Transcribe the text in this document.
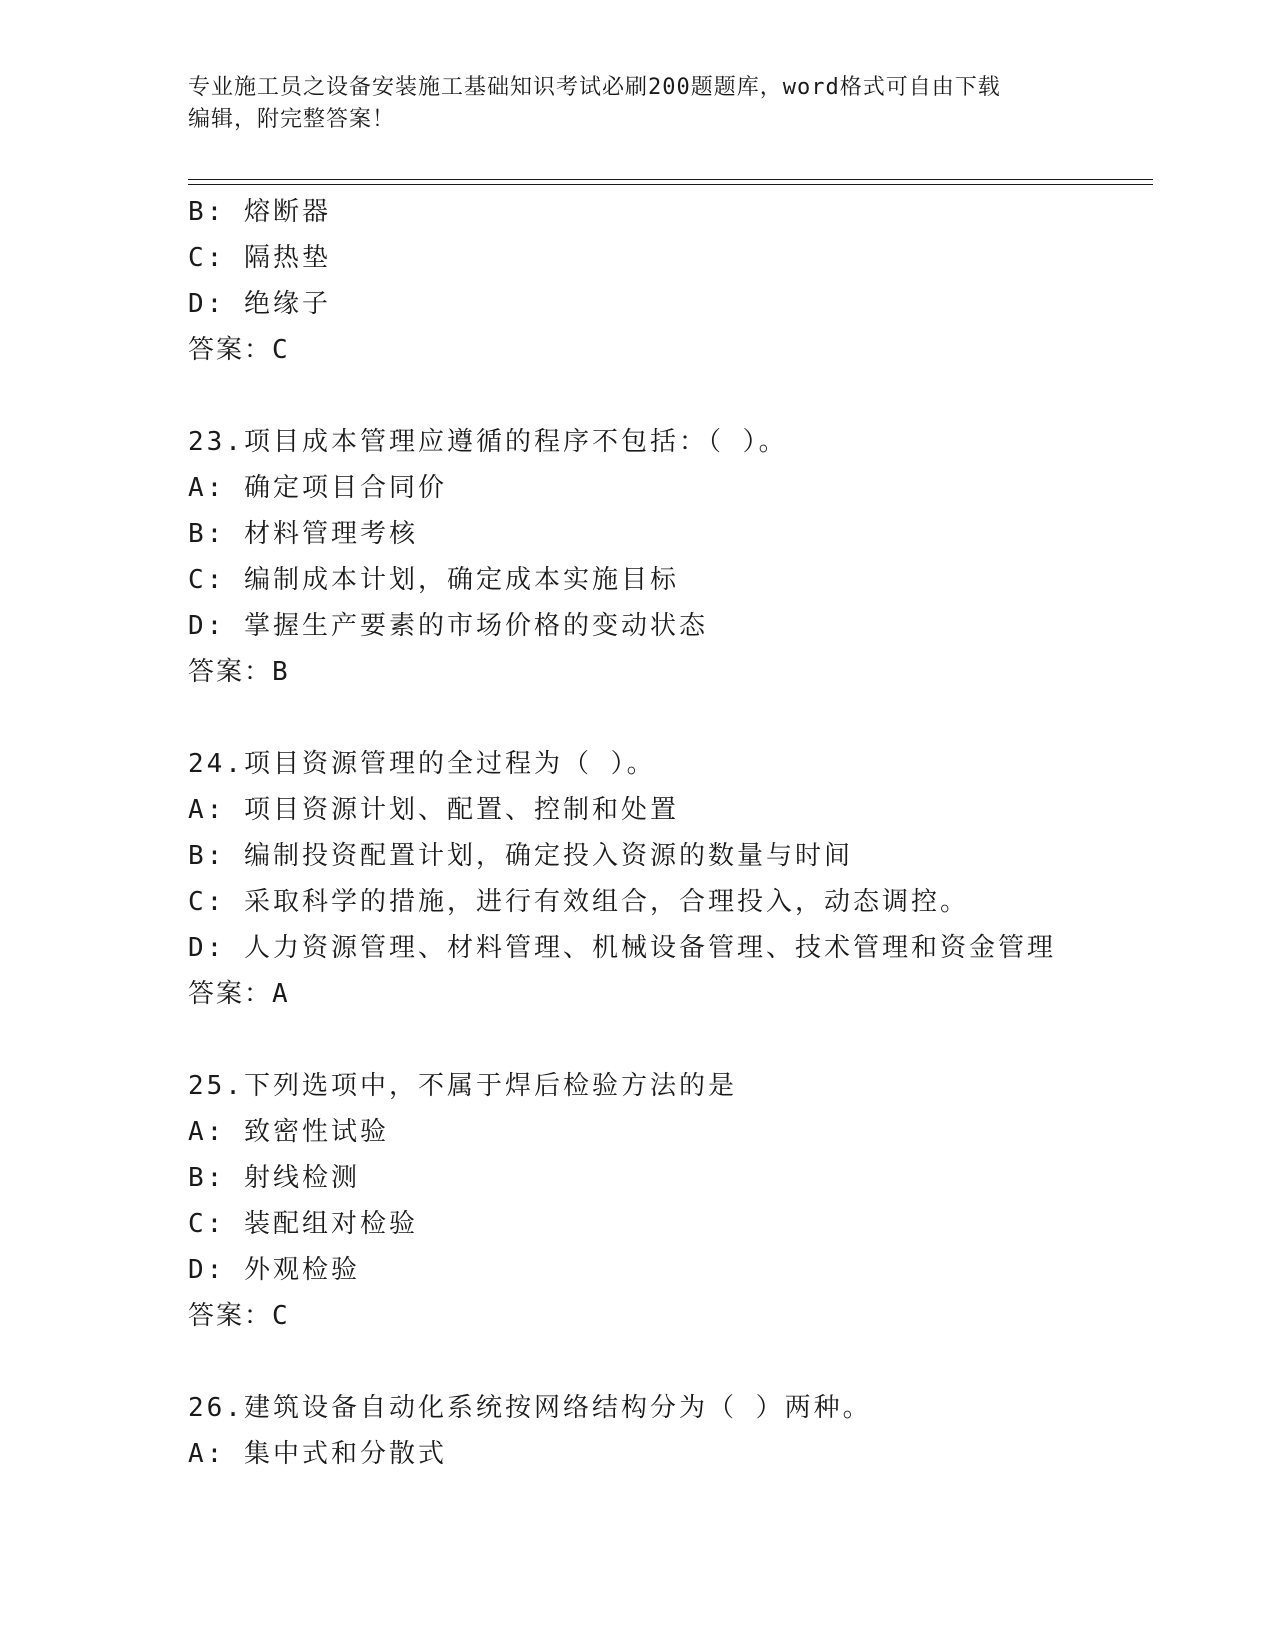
专业施工员之设备安装施工基础知识考试必刷200题题库，word格式可自由下载
编辑，附完整答案！
B: 熔断器
C: 隔热垫
D: 绝缘子
答案：C
23.项目成本管理应遵循的程序不包括：（ ）。
A: 确定项目合同价
B: 材料管理考核
C: 编制成本计划，确定成本实施目标
D: 掌握生产要素的市场价格的变动状态
答案：B
24.项目资源管理的全过程为（ ）。
A: 项目资源计划、配置、控制和处置
B: 编制投资配置计划，确定投入资源的数量与时间
C: 采取科学的措施，进行有效组合，合理投入，动态调控。
D: 人力资源管理、材料管理、机械设备管理、技术管理和资金管理
答案：A
25.下列选项中，不属于焊后检验方法的是
A: 致密性试验
B: 射线检测
C: 装配组对检验
D: 外观检验
答案：C
26.建筑设备自动化系统按网络结构分为（ ）两种。
A: 集中式和分散式
